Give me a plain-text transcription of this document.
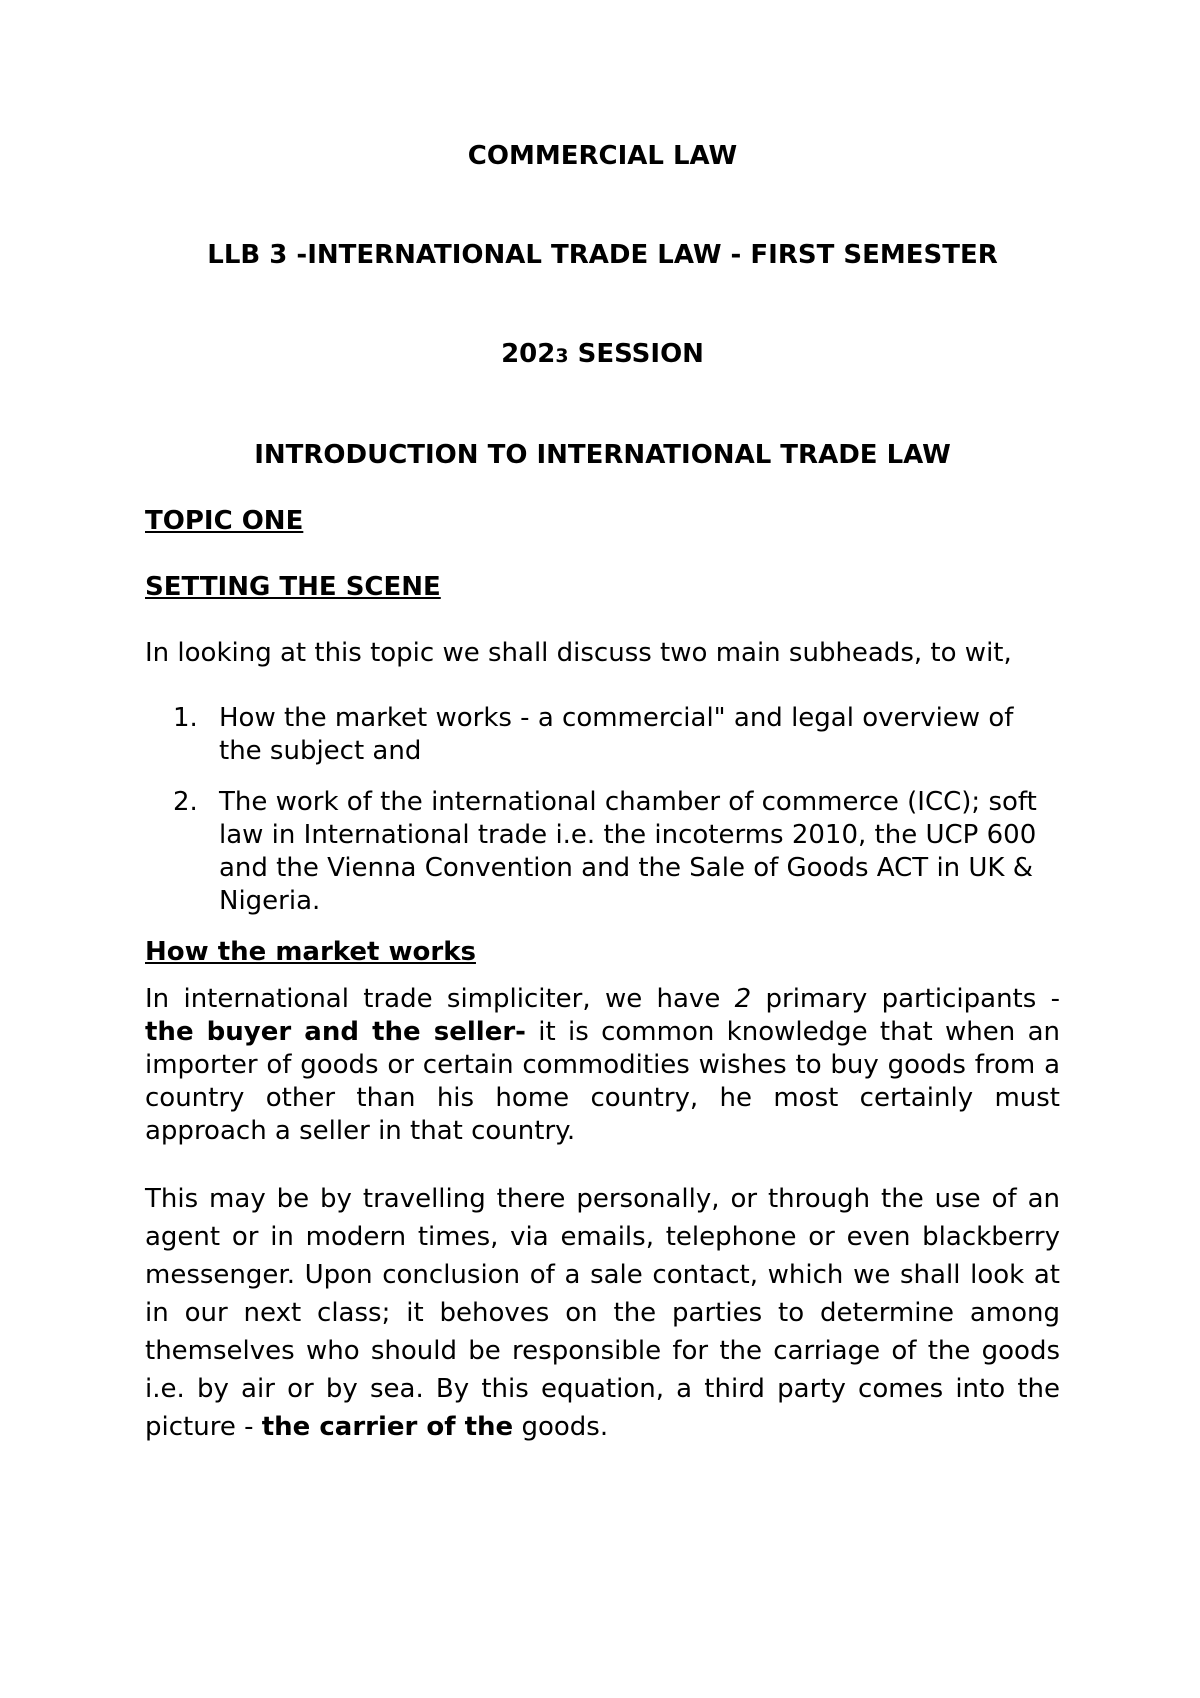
COMMERCIAL LAW

LLB 3 -INTERNATIONAL TRADE LAW - FIRST SEMESTER

2023 SESSION

INTRODUCTION TO INTERNATIONAL TRADE LAW

TOPIC ONE

SETTING THE SCENE

In looking at this topic we shall discuss two main subheads, to wit,

1. How the market works - a commercial" and legal overview of the subject and
2. The work of the international chamber of commerce (ICC); soft law in International trade i.e. the incoterms 2010, the UCP 600 and the Vienna Convention and the Sale of Goods ACT in UK & Nigeria.

How the market works

In international trade simpliciter, we have 2 primary participants - the buyer and the seller- it is common knowledge that when an importer of goods or certain commodities wishes to buy goods from a country other than his home country, he most certainly must approach a seller in that country.

This may be by travelling there personally, or through the use of an agent or in modern times, via emails, telephone or even blackberry messenger. Upon conclusion of a sale contact, which we shall look at in our next class; it behoves on the parties to determine among themselves who should be responsible for the carriage of the goods i.e. by air or by sea. By this equation, a third party comes into the picture - the carrier of the goods.
